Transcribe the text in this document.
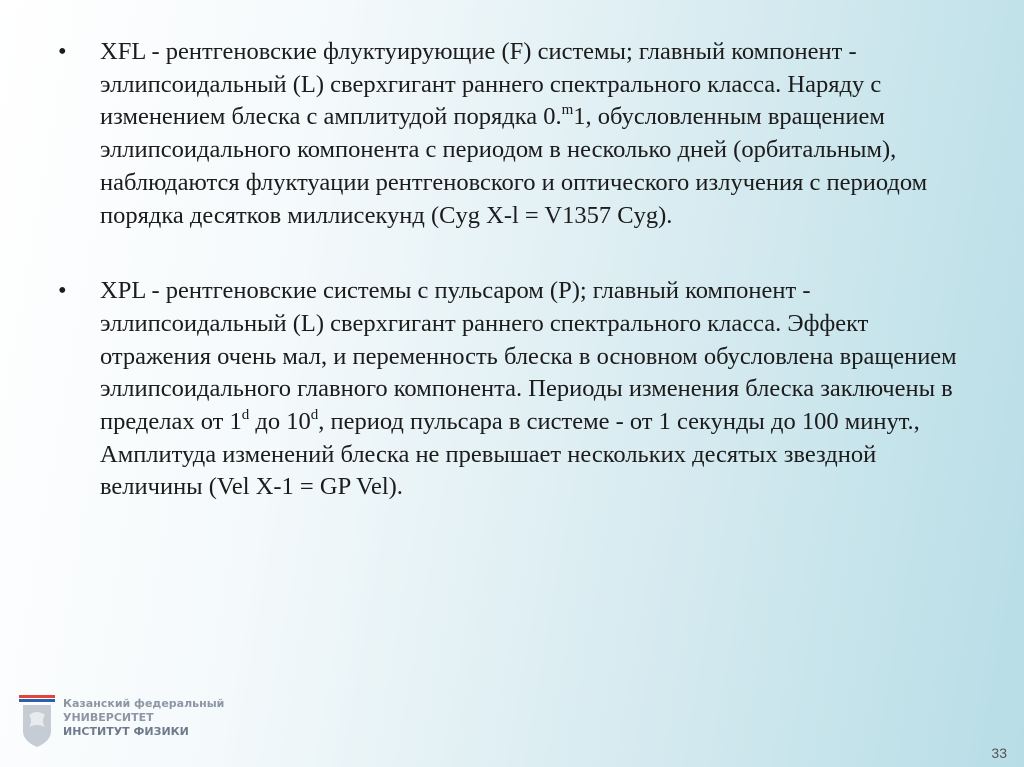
•	XFL - рентгеновские флуктуирующие (F) системы; главный компонент - эллипсоидальный (L) сверхгигант раннего спектрального класса. Наряду с изменением блеска с амплитудой порядка 0.$^m$1, обусловленным вращением эллипсоидального компонента с периодом в несколько дней (орбитальным), наблюдаются флуктуации рентгеновского и оптического излучения с периодом порядка десятков миллисекунд (Cyg X-l = V1357 Cyg).
•	XPL - рентгеновские системы с пульсаром (Р); главный компонент - эллипсоидальный (L) сверхгигант раннего спектрального класса. Эффект отражения очень мал, и переменность блеска в основном обусловлена вращением эллипсоидального главного компонента. Периоды изменения блеска заключены в пределах от 1$^d$ до 10$^d$, период пульсара в системе - от 1 секунды до 100 минут., Амплитуда изменений блеска не превышает нескольких десятых звездной величины (Vel X-1 = GP Vel).
Казанский федеральный
УНИВЕРСИТЕТ
ИНСТИТУТ ФИЗИКИ
33
